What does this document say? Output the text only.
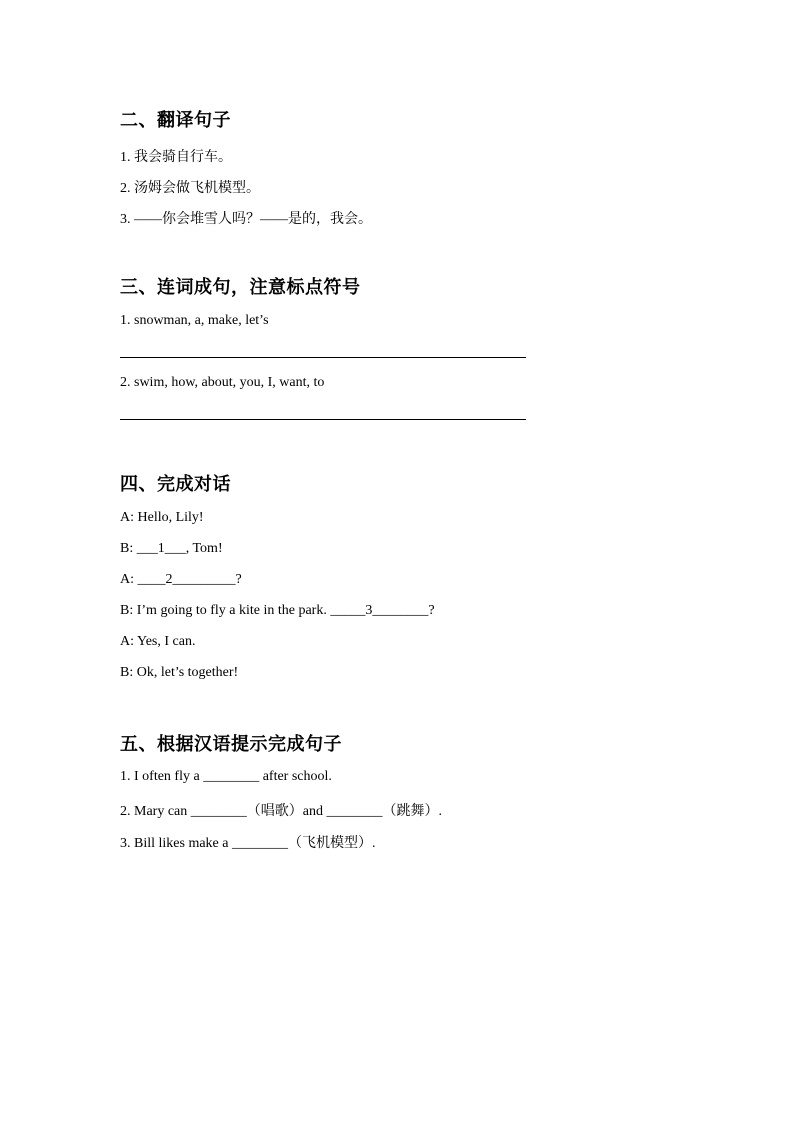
二、翻译句子
1. 我会骑自行车。
2. 汤姆会做飞机模型。
3. ——你会堆雪人吗？——是的，我会。
三、连词成句，注意标点符号
1. snowman, a, make, let’s
2. swim, how, about, you, I, want, to
四、完成对话
A: Hello, Lily!
B: ___1___, Tom!
A: ____2_________?
B: I’m going to fly a kite in the park. _____3________?
A: Yes, I can.
B: Ok, let’s together!
五、根据汉语提示完成句子
1. I often fly a ________ after school.
2. Mary can ________（唱歌）and ________（跳舞）.
3. Bill likes make a ________（飞机模型）.
